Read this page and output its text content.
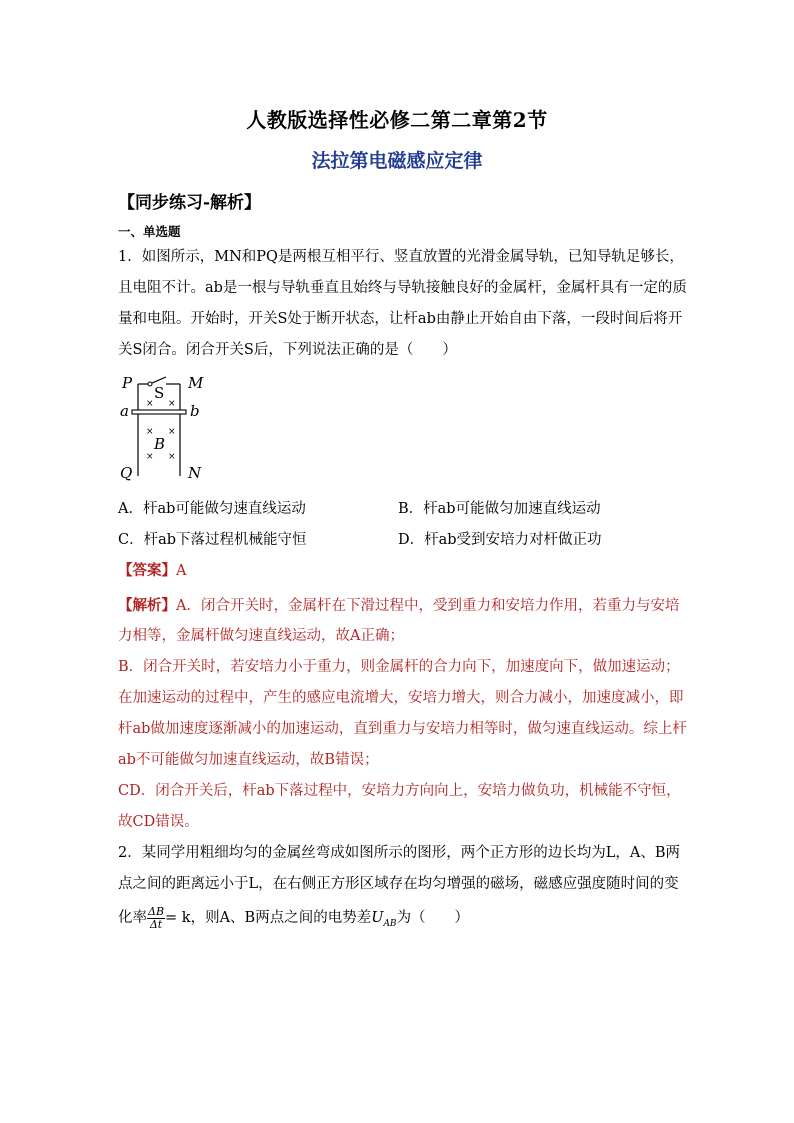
人教版选择性必修二第二章第2节
法拉第电磁感应定律
【同步练习-解析】
一、单选题
1．如图所示，MN和PQ是两根互相平行、竖直放置的光滑金属导轨，已知导轨足够长，
且电阻不计。ab是一根与导轨垂直且始终与导轨接触良好的金属杆，金属杆具有一定的质
量和电阻。开始时，开关S处于断开状态，让杆ab由静止开始自由下落，一段时间后将开
关S闭合。闭合开关S后，下列说法正确的是（　　）
P	M
a	b
S
B
Q	N
× ×
× ×
× ×
A．杆ab可能做匀速直线运动	B．杆ab可能做匀加速直线运动
C．杆ab下落过程机械能守恒	D．杆ab受到安培力对杆做正功
【答案】A
【解析】A．闭合开关时，金属杆在下滑过程中，受到重力和安培力作用，若重力与安培
力相等，金属杆做匀速直线运动，故A正确；
B．闭合开关时，若安培力小于重力，则金属杆的合力向下，加速度向下，做加速运动；
在加速运动的过程中，产生的感应电流增大，安培力增大，则合力减小，加速度减小，即
杆ab做加速度逐渐减小的加速运动，直到重力与安培力相等时，做匀速直线运动。综上杆
ab不可能做匀加速直线运动，故B错误；
CD．闭合开关后，杆ab下落过程中，安培力方向向上，安培力做负功，机械能不守恒，
故CD错误。
2．某同学用粗细均匀的金属丝弯成如图所示的图形，两个正方形的边长均为L，A、B两
点之间的距离远小于L，在右侧正方形区域存在均匀增强的磁场，磁感应强度随时间的变
化率 $\frac{\Delta B}{\Delta t} = k$，则A、B两点之间的电势差$U_{AB}$为（　　）
